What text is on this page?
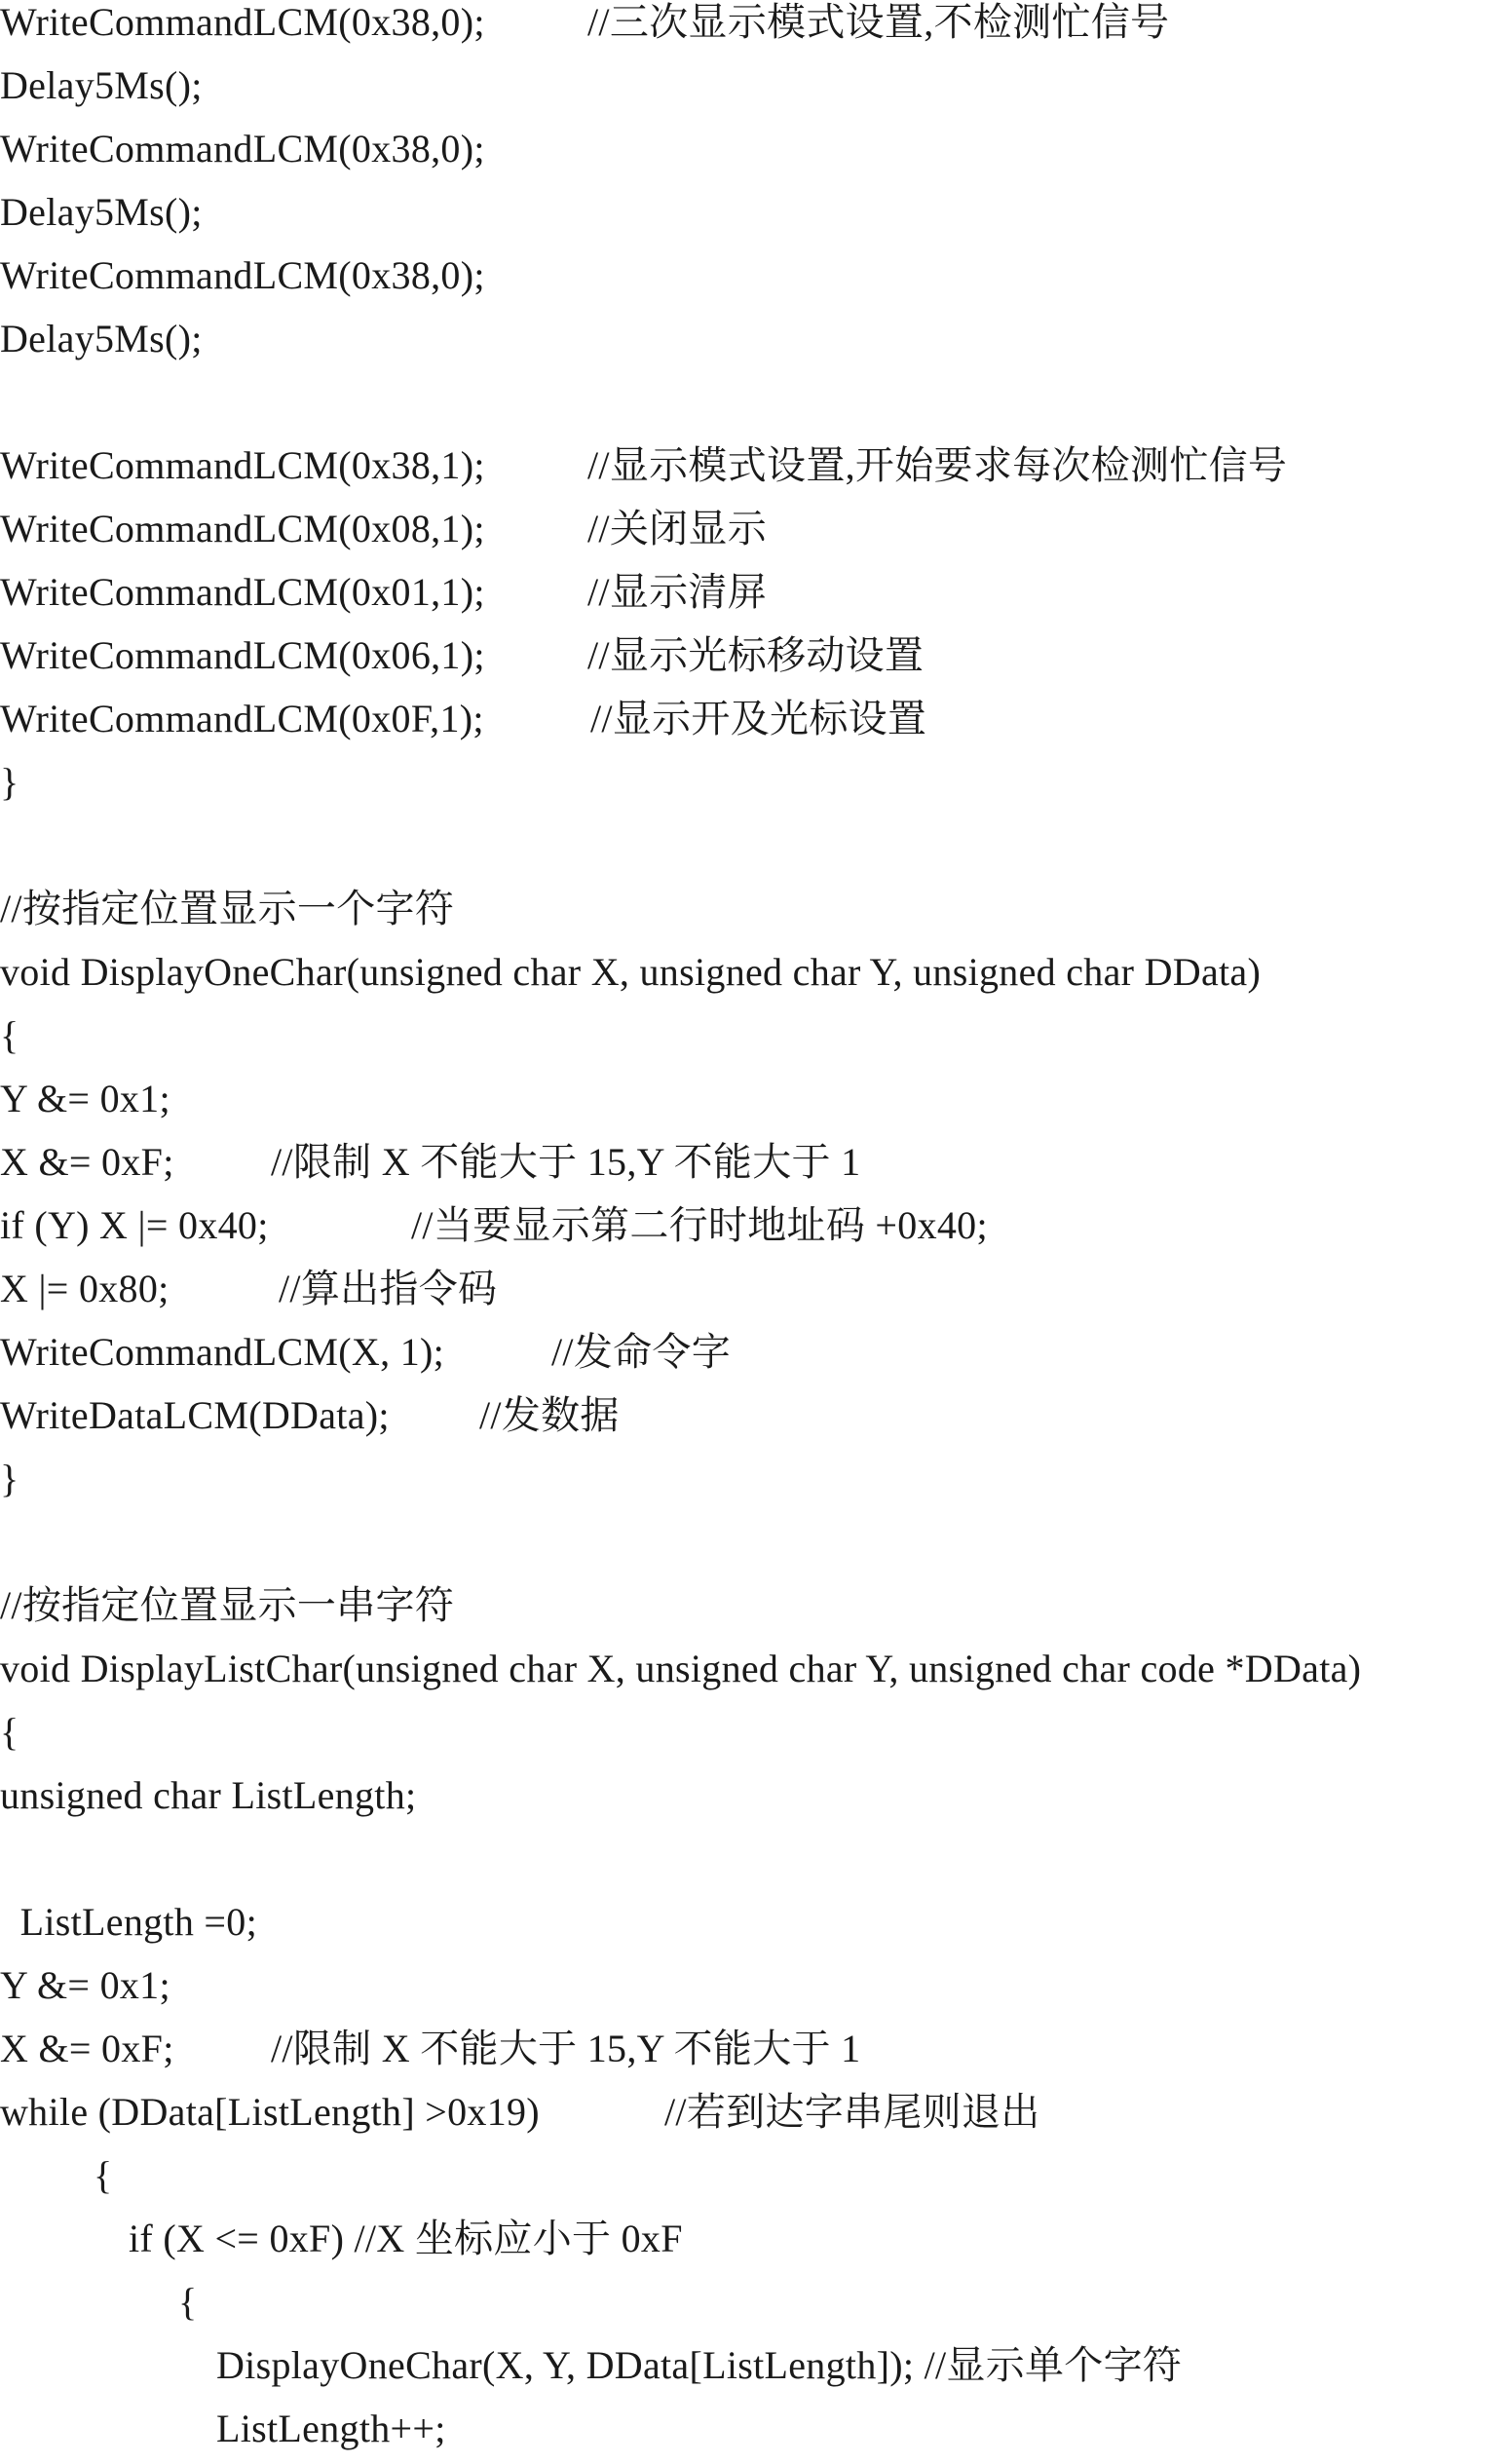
WriteCommandLCM(0x38,0);	//三次显示模式设置,不检测忙信号
Delay5Ms();
WriteCommandLCM(0x38,0);
Delay5Ms();
WriteCommandLCM(0x38,0);
Delay5Ms();
WriteCommandLCM(0x38,1);	//显示模式设置,开始要求每次检测忙信号
WriteCommandLCM(0x08,1);	//关闭显示
WriteCommandLCM(0x01,1);	//显示清屏
WriteCommandLCM(0x06,1);	//显示光标移动设置
WriteCommandLCM(0x0F,1);	//显示开及光标设置
}
//按指定位置显示一个字符
void DisplayOneChar(unsigned char X, unsigned char Y, unsigned char DData)
{
Y &= 0x1;
X &= 0xF; //限制 X 不能大于 15,Y 不能大于 1
if (Y) X |= 0x40;	//当要显示第二行时地址码 +0x40;
X |= 0x80;	//算出指令码
WriteCommandLCM(X, 1);	//发命令字
WriteDataLCM(DData); //发数据
}
//按指定位置显示一串字符
void DisplayListChar(unsigned char X, unsigned char Y, unsigned char code *DData)
{
unsigned char ListLength;
ListLength =0;
Y &= 0x1;
X &= 0xF; //限制 X 不能大于 15,Y 不能大于 1
while (DData[ListLength] >0x19)	//若到达字串尾则退出
{
if (X <= 0xF) //X 坐标应小于 0xF
{
DisplayOneChar(X, Y, DData[ListLength]); //显示单个字符
ListLength++;
